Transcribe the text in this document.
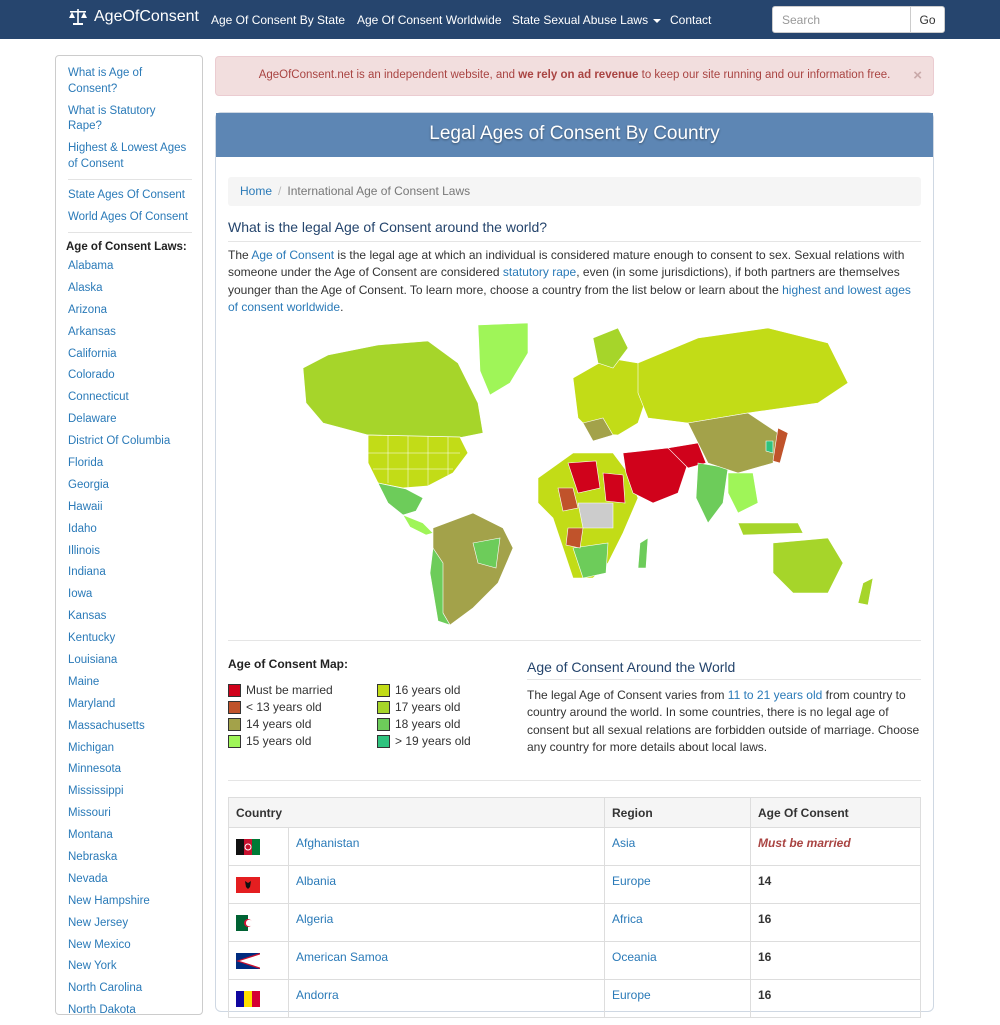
AgeOfConsent Age Of Consent By State Age Of Consent Worldwide State Sexual Abuse Laws	Contact
Search	Go
What is Age of Consent?
What is Statutory Rape?
Highest & Lowest Ages of Consent
State Ages Of Consent
World Ages Of Consent
Age of Consent Laws:
Alabama
Alaska
Arizona
Arkansas
California
Colorado
Connecticut
Delaware
District Of Columbia
Florida
Georgia
Hawaii
Idaho
Illinois
Indiana
Iowa
Kansas
Kentucky
Louisiana
Maine
Maryland
Massachusetts
Michigan
Minnesota
Mississippi
Missouri
Montana
Nebraska
Nevada
New Hampshire
New Jersey
New Mexico
New York
North Carolina
North Dakota
AgeOfConsent.net is an independent website, and we rely on ad revenue to keep our site running and our information free. ×
Legal Ages of Consent By Country
Home / International Age of Consent Laws
What is the legal Age of Consent around the world?
The Age of Consent is the legal age at which an individual is considered mature enough to consent to sex. Sexual relations with someone under the Age of Consent are considered statutory rape, even (in some jurisdictions), if both partners are themselves younger than the Age of Consent. To learn more, choose a country from the list below or learn about the highest and lowest ages of consent worldwide.
Age of Consent Map:
Must be married
< 13 years old
14 years old
15 years old
16 years old
17 years old
18 years old
> 19 years old
Age of Consent Around the World
The legal Age of Consent varies from 11 to 21 years old from country to country around the world. In some countries, there is no legal age of consent but all sexual relations are forbidden outside of marriage. Choose any country for more details about local laws.
Country		Region	Age Of Consent

	Afghanistan	Asia	Must be married

	Albania	Europe	14

	Algeria	Africa	16

	American Samoa	Oceania	16

	Andorra	Europe	16
